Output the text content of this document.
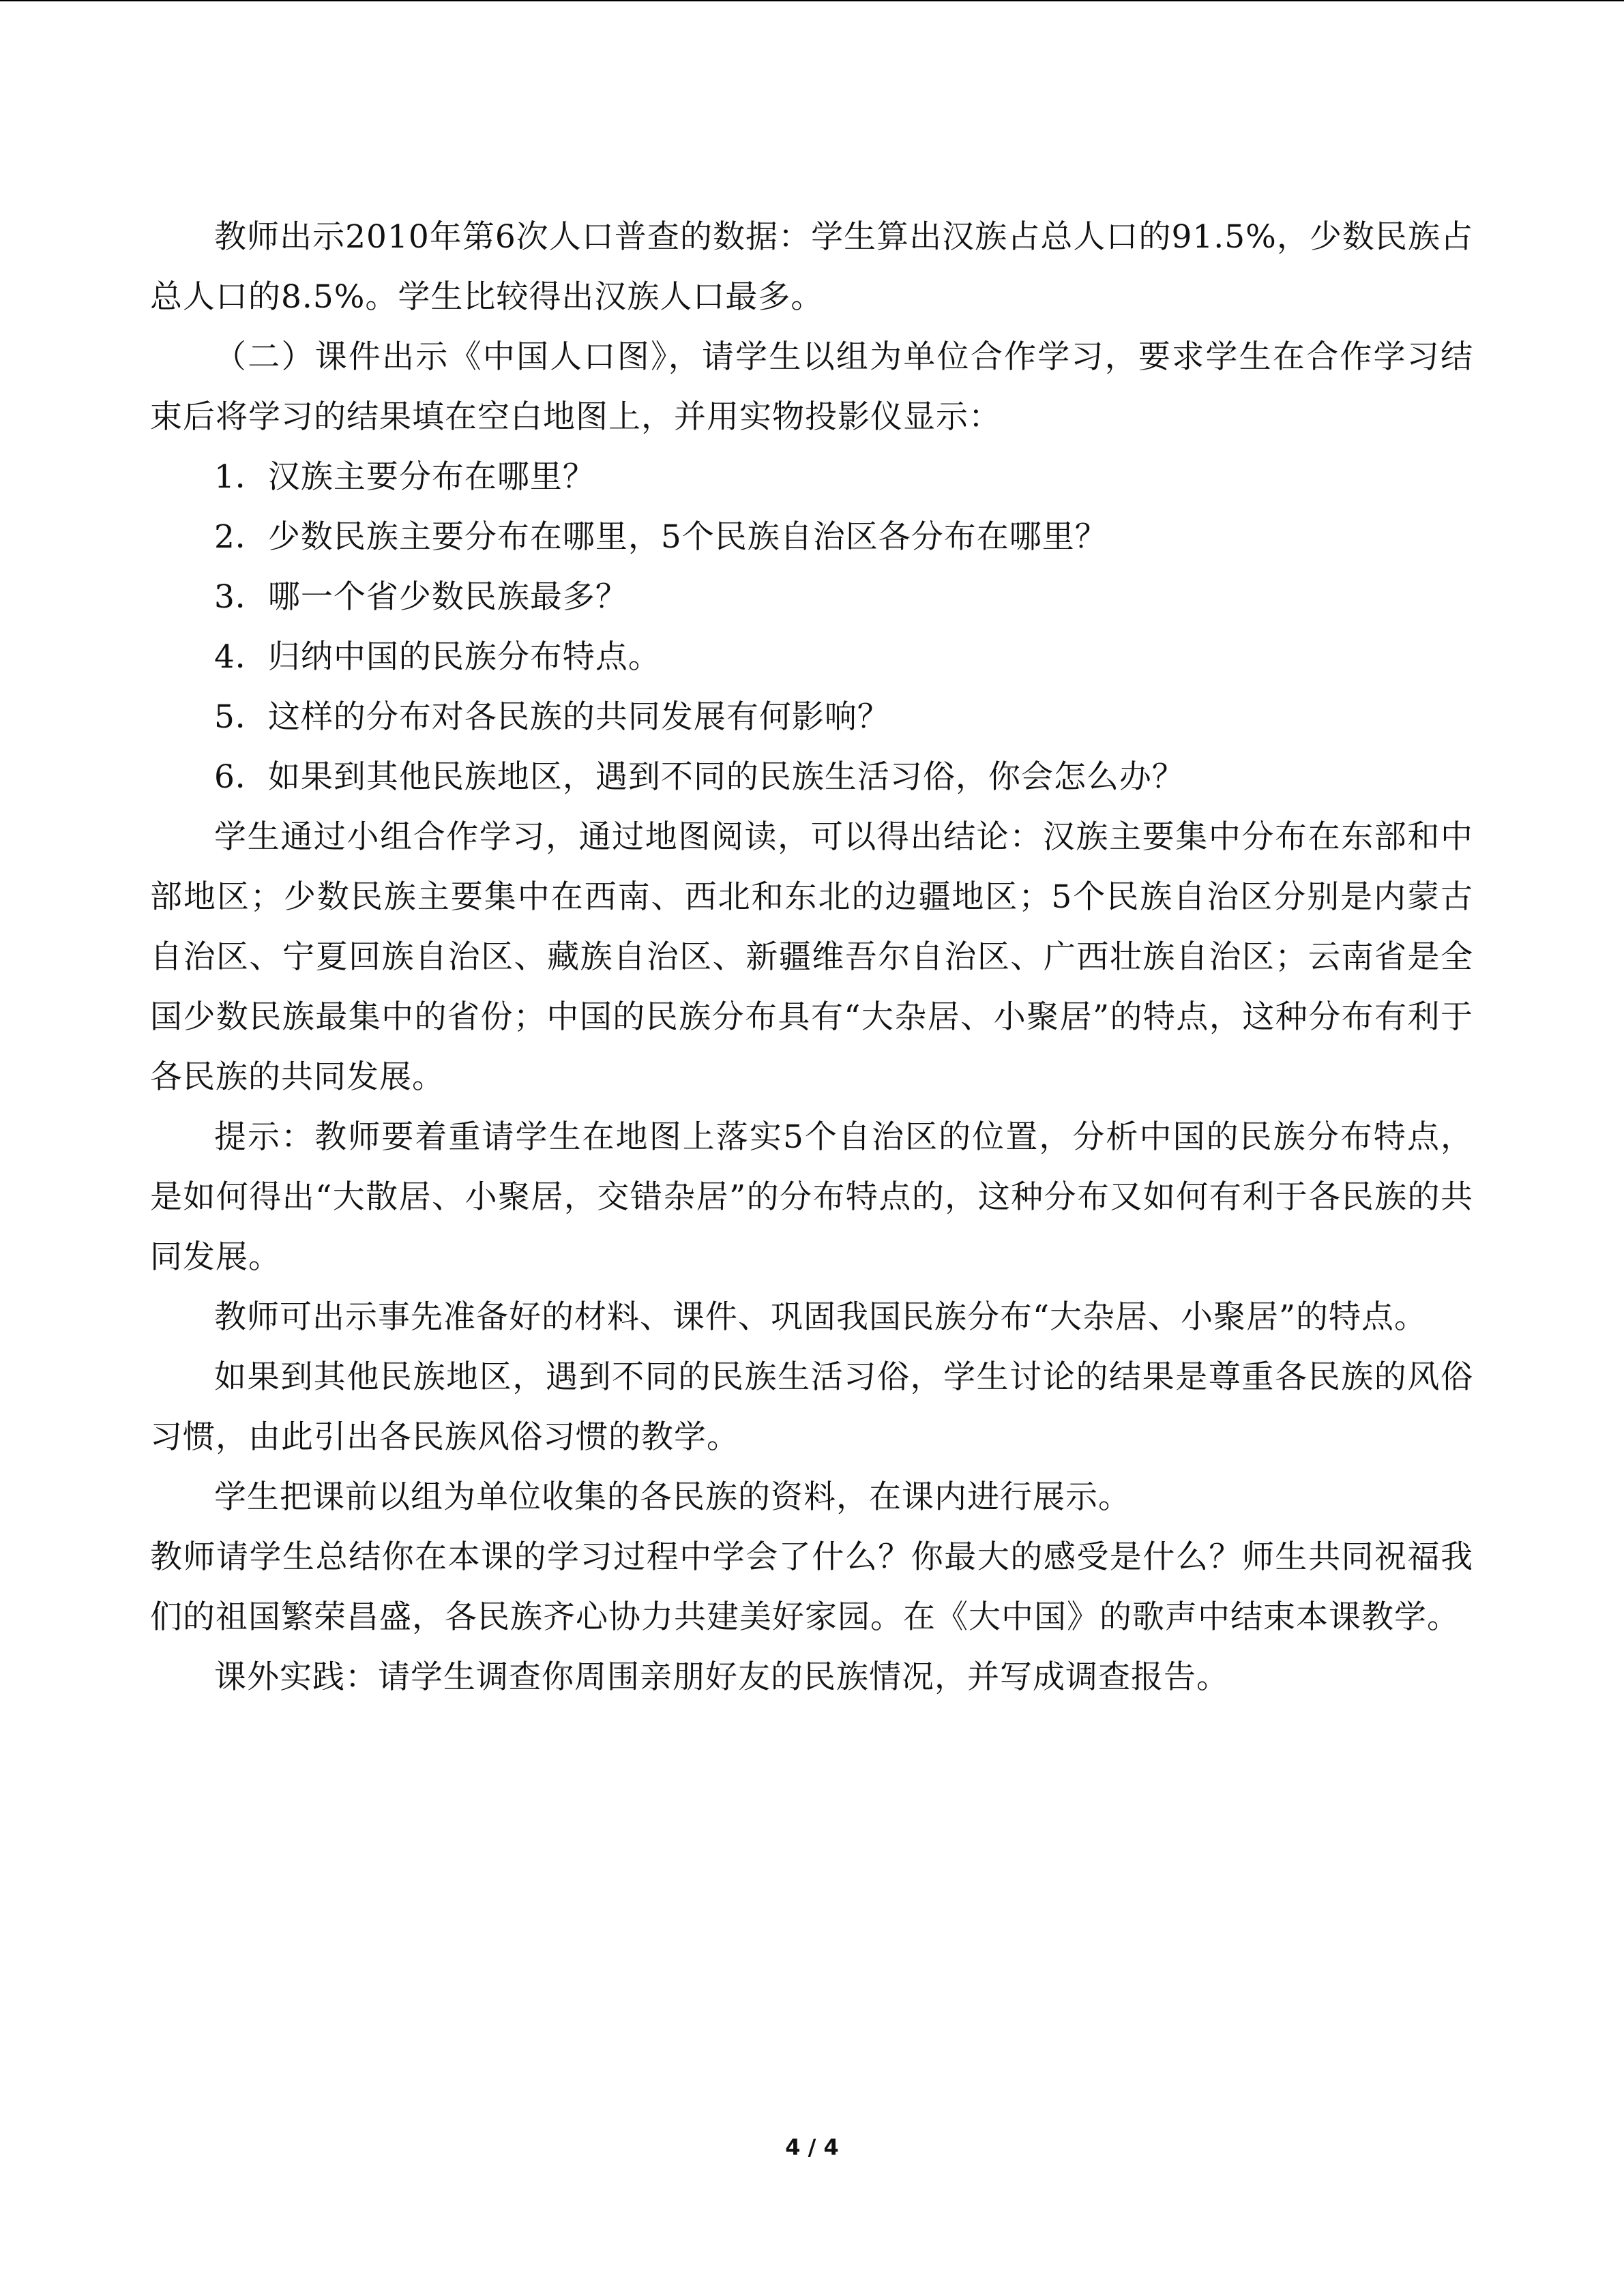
教师出示2010年第6次人口普查的数据：学生算出汉族占总人口的91.5%，少数民族占总人口的8.5%。学生比较得出汉族人口最多。

（二）课件出示《中国人口图》，请学生以组为单位合作学习，要求学生在合作学习结束后将学习的结果填在空白地图上，并用实物投影仪显示：

1．汉族主要分布在哪里？

2．少数民族主要分布在哪里，5个民族自治区各分布在哪里？

3．哪一个省少数民族最多？

4．归纳中国的民族分布特点。

5．这样的分布对各民族的共同发展有何影响？

6．如果到其他民族地区，遇到不同的民族生活习俗，你会怎么办？

学生通过小组合作学习，通过地图阅读，可以得出结论：汉族主要集中分布在东部和中部地区；少数民族主要集中在西南、西北和东北的边疆地区；5个民族自治区分别是内蒙古自治区、宁夏回族自治区、藏族自治区、新疆维吾尔自治区、广西壮族自治区；云南省是全国少数民族最集中的省份；中国的民族分布具有“大杂居、小聚居”的特点，这种分布有利于各民族的共同发展。

提示：教师要着重请学生在地图上落实5个自治区的位置，分析中国的民族分布特点，是如何得出“大散居、小聚居，交错杂居”的分布特点的，这种分布又如何有利于各民族的共同发展。

教师可出示事先准备好的材料、课件、巩固我国民族分布“大杂居、小聚居”的特点。

如果到其他民族地区，遇到不同的民族生活习俗，学生讨论的结果是尊重各民族的风俗习惯，由此引出各民族风俗习惯的教学。

学生把课前以组为单位收集的各民族的资料，在课内进行展示。

教师请学生总结你在本课的学习过程中学会了什么？你最大的感受是什么？师生共同祝福我们的祖国繁荣昌盛，各民族齐心协力共建美好家园。在《大中国》的歌声中结束本课教学。

课外实践：请学生调查你周围亲朋好友的民族情况，并写成调查报告。

4 / 4
